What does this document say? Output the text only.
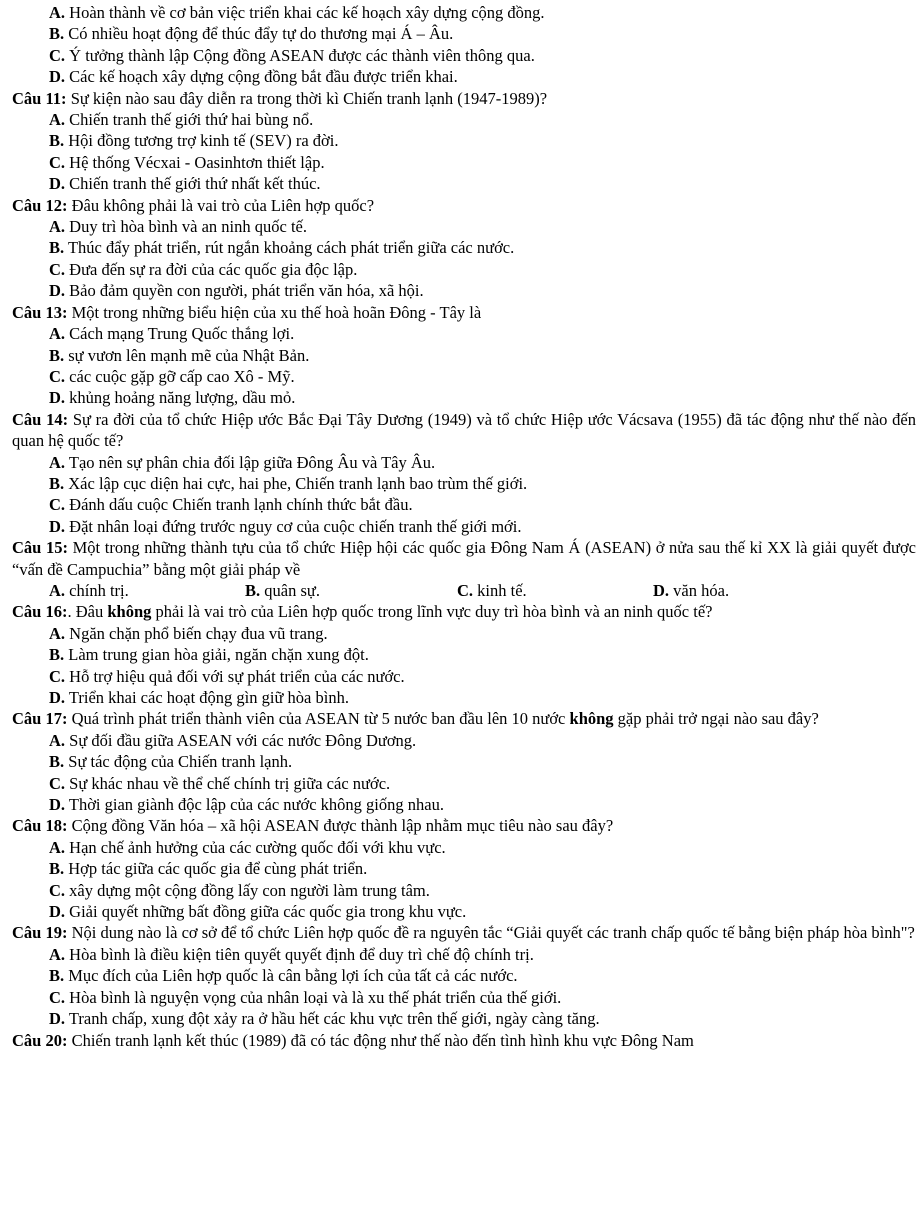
A. Hoàn thành về cơ bản việc triển khai các kế hoạch xây dựng cộng đồng.
B. Có nhiều hoạt động để thúc đẩy tự do thương mại Á – Âu.
C. Ý tưởng thành lập Cộng đồng ASEAN được các thành viên thông qua.
D. Các kế hoạch xây dựng cộng đồng bắt đầu được triển khai.
Câu 11: Sự kiện nào sau đây diễn ra trong thời kì Chiến tranh lạnh (1947-1989)?
A. Chiến tranh thế giới thứ hai bùng nổ.
B. Hội đồng tương trợ kinh tế (SEV) ra đời.
C. Hệ thống Vécxai - Oasinhtơn thiết lập.
D. Chiến tranh thế giới thứ nhất kết thúc.
Câu 12: Đâu không phải là vai trò của Liên hợp quốc?
A. Duy trì hòa bình và an ninh quốc tế.
B. Thúc đẩy phát triển, rút ngắn khoảng cách phát triển giữa các nước.
C. Đưa đến sự ra đời của các quốc gia độc lập.
D. Bảo đảm quyền con người, phát triển văn hóa, xã hội.
Câu 13: Một trong những biểu hiện của xu thế hoà hoãn Đông - Tây là
A. Cách mạng Trung Quốc thắng lợi.
B. sự vươn lên mạnh mẽ của Nhật Bản.
C. các cuộc gặp gỡ cấp cao Xô - Mỹ.
D. khủng hoảng năng lượng, dầu mỏ.
Câu 14: Sự ra đời của tổ chức Hiệp ước Bắc Đại Tây Dương (1949) và tổ chức Hiệp ước Vácsava (1955) đã tác động như thế nào đến quan hệ quốc tế?
A. Tạo nên sự phân chia đối lập giữa Đông Âu và Tây Âu.
B. Xác lập cục diện hai cực, hai phe, Chiến tranh lạnh bao trùm thế giới.
C. Đánh dấu cuộc Chiến tranh lạnh chính thức bắt đầu.
D. Đặt nhân loại đứng trước nguy cơ của cuộc chiến tranh thế giới mới.
Câu 15: Một trong những thành tựu của tổ chức Hiệp hội các quốc gia Đông Nam Á (ASEAN) ở nửa sau thế kỉ XX là giải quyết được “vấn đề Campuchia” bằng một giải pháp về
A. chính trị.	B. quân sự.	C. kinh tế.	D. văn hóa.
Câu 16:. Đâu không phải là vai trò của Liên hợp quốc trong lĩnh vực duy trì hòa bình và an ninh quốc tế?
A. Ngăn chặn phổ biến chạy đua vũ trang.
B. Làm trung gian hòa giải, ngăn chặn xung đột.
C. Hỗ trợ hiệu quả đối với sự phát triển của các nước.
D. Triển khai các hoạt động gìn giữ hòa bình.
Câu 17: Quá trình phát triển thành viên của ASEAN từ 5 nước ban đầu lên 10 nước không gặp phải trở ngại nào sau đây?
A. Sự đối đầu giữa ASEAN với các nước Đông Dương.
B. Sự tác động của Chiến tranh lạnh.
C. Sự khác nhau về thể chế chính trị giữa các nước.
D. Thời gian giành độc lập của các nước không giống nhau.
Câu 18: Cộng đồng Văn hóa – xã hội ASEAN được thành lập nhằm mục tiêu nào sau đây?
A. Hạn chế ảnh hưởng của các cường quốc đối với khu vực.
B. Hợp tác giữa các quốc gia để cùng phát triển.
C. xây dựng một cộng đồng lấy con người làm trung tâm.
D. Giải quyết những bất đồng giữa các quốc gia trong khu vực.
Câu 19: Nội dung nào là cơ sở để tổ chức Liên hợp quốc đề ra nguyên tắc “Giải quyết các tranh chấp quốc tế bằng biện pháp hòa bình"?
A. Hòa bình là điều kiện tiên quyết quyết định để duy trì chế độ chính trị.
B. Mục đích của Liên hợp quốc là cân bằng lợi ích của tất cả các nước.
C. Hòa bình là nguyện vọng của nhân loại và là xu thế phát triển của thế giới.
D. Tranh chấp, xung đột xảy ra ở hầu hết các khu vực trên thế giới, ngày càng tăng.
Câu 20: Chiến tranh lạnh kết thúc (1989) đã có tác động như thế nào đến tình hình khu vực Đông Nam
